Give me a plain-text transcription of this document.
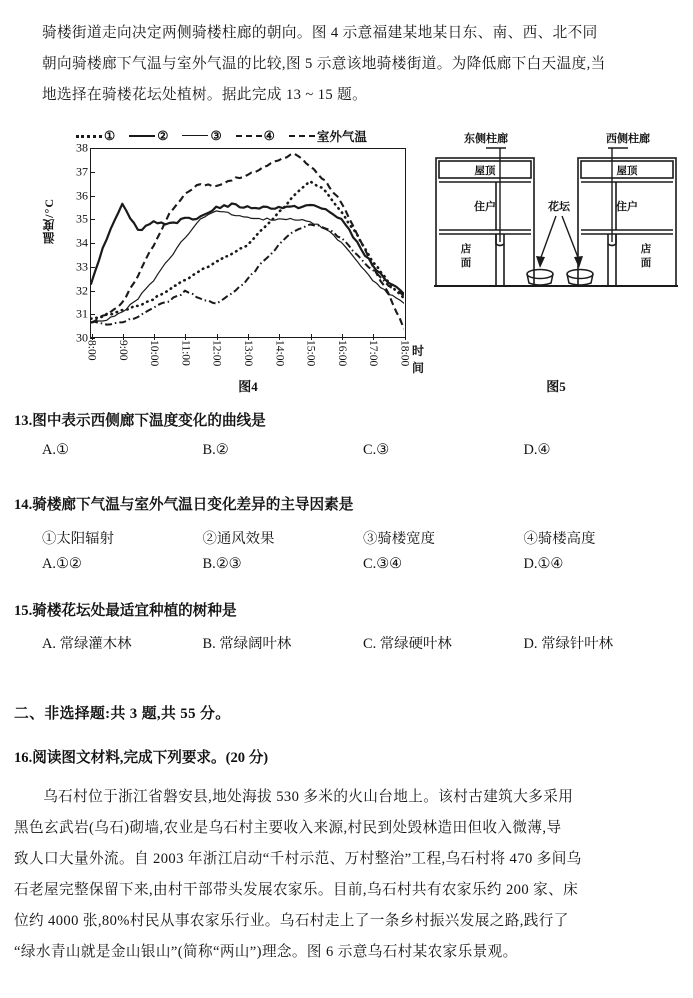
骑楼街道走向决定两侧骑楼柱廊的朝向。图 4 示意福建某地某日东、南、西、北不同
朝向骑楼廊下气温与室外气温的比较,图 5 示意该地骑楼街道。为降低廊下白天温度,当
地选择在骑楼花坛处植树。据此完成 13 ~ 15 题。
①	②	③	④	室外气温
温度/°C
30
31
32
33
34
35
36
37
38
8:00 9:00 10:00 11:00 12:00 13:00 14:00 15:00 16:00 17:00 18:00 时间
图4
东侧柱廊	西侧柱廊
花坛
屋顶
住户
屋顶
住户
店
面
店
面
图5
13.图中表示西侧廊下温度变化的曲线是
A.①	B.②	C.③	D.④
14.骑楼廊下气温与室外气温日变化差异的主导因素是
①太阳辐射	②通风效果	③骑楼宽度	④骑楼高度
A.①②	B.②③	C.③④	D.①④
15.骑楼花坛处最适宜种植的树种是
A. 常绿灌木林	B. 常绿阔叶林	C. 常绿硬叶林	D. 常绿针叶林
二、非选择题:共 3 题,共 55 分。
16.阅读图文材料,完成下列要求。(20 分)
乌石村位于浙江省磐安县,地处海拔 530 多米的火山台地上。该村古建筑大多采用
黑色玄武岩(乌石)砌墙,农业是乌石村主要收入来源,村民到处毁林造田但收入微薄,导
致人口大量外流。自 2003 年浙江启动“千村示范、万村整治”工程,乌石村将 470 多间乌
石老屋完整保留下来,由村干部带头发展农家乐。目前,乌石村共有农家乐约 200 家、床
位约 4000 张,80%村民从事农家乐行业。乌石村走上了一条乡村振兴发展之路,践行了
“绿水青山就是金山银山”(简称“两山”)理念。图 6 示意乌石村某农家乐景观。
